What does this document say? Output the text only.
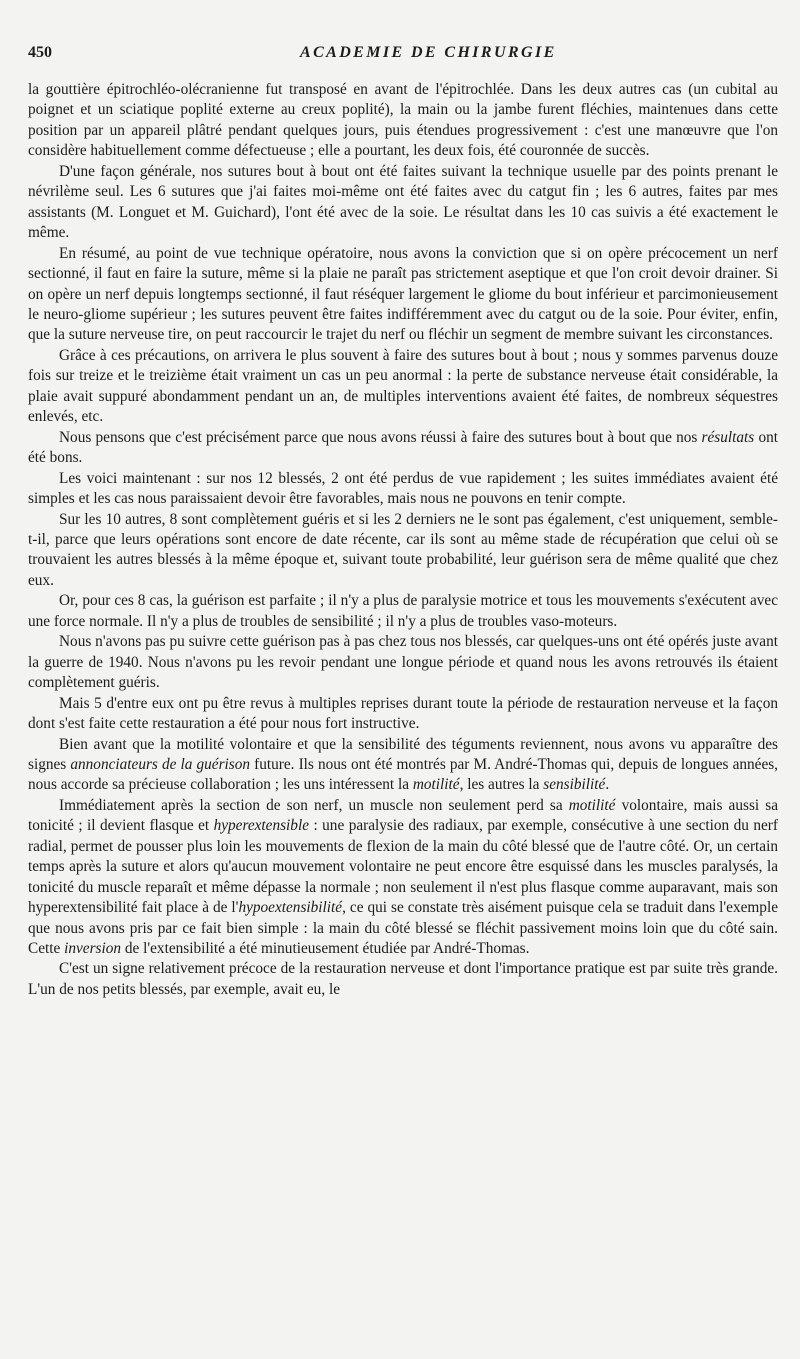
450	ACADEMIE DE CHIRURGIE

la gouttière épitrochléo-olécranienne fut transposé en avant de l'épitrochlée. Dans les deux autres cas (un cubital au poignet et un sciatique poplité externe au creux poplité), la main ou la jambe furent fléchies, maintenues dans cette position par un appareil plâtré pendant quelques jours, puis étendues progressivement : c'est une manœuvre que l'on considère habituellement comme défectueuse ; elle a pourtant, les deux fois, été couronnée de succès.

D'une façon générale, nos sutures bout à bout ont été faites suivant la technique usuelle par des points prenant le névrilème seul. Les 6 sutures que j'ai faites moi-même ont été faites avec du catgut fin ; les 6 autres, faites par mes assistants (M. Longuet et M. Guichard), l'ont été avec de la soie. Le résultat dans les 10 cas suivis a été exactement le même.

En résumé, au point de vue technique opératoire, nous avons la conviction que si on opère précocement un nerf sectionné, il faut en faire la suture, même si la plaie ne paraît pas strictement aseptique et que l'on croit devoir drainer. Si on opère un nerf depuis longtemps sectionné, il faut réséquer largement le gliome du bout inférieur et parcimonieusement le neuro-gliome supérieur ; les sutures peuvent être faites indifféremment avec du catgut ou de la soie. Pour éviter, enfin, que la suture nerveuse tire, on peut raccourcir le trajet du nerf ou fléchir un segment de membre suivant les circonstances.

Grâce à ces précautions, on arrivera le plus souvent à faire des sutures bout à bout ; nous y sommes parvenus douze fois sur treize et le treizième était vraiment un cas un peu anormal : la perte de substance nerveuse était considérable, la plaie avait suppuré abondamment pendant un an, de multiples interventions avaient été faites, de nombreux séquestres enlevés, etc.

Nous pensons que c'est précisément parce que nous avons réussi à faire des sutures bout à bout que nos résultats ont été bons.

Les voici maintenant : sur nos 12 blessés, 2 ont été perdus de vue rapidement ; les suites immédiates avaient été simples et les cas nous paraissaient devoir être favorables, mais nous ne pouvons en tenir compte.

Sur les 10 autres, 8 sont complètement guéris et si les 2 derniers ne le sont pas également, c'est uniquement, semble-t-il, parce que leurs opérations sont encore de date récente, car ils sont au même stade de récupération que celui où se trouvaient les autres blessés à la même époque et, suivant toute probabilité, leur guérison sera de même qualité que chez eux.

Or, pour ces 8 cas, la guérison est parfaite ; il n'y a plus de paralysie motrice et tous les mouvements s'exécutent avec une force normale. Il n'y a plus de troubles de sensibilité ; il n'y a plus de troubles vaso-moteurs.

Nous n'avons pas pu suivre cette guérison pas à pas chez tous nos blessés, car quelques-uns ont été opérés juste avant la guerre de 1940. Nous n'avons pu les revoir pendant une longue période et quand nous les avons retrouvés ils étaient complètement guéris.

Mais 5 d'entre eux ont pu être revus à multiples reprises durant toute la période de restauration nerveuse et la façon dont s'est faite cette restauration a été pour nous fort instructive.

Bien avant que la motilité volontaire et que la sensibilité des téguments reviennent, nous avons vu apparaître des signes annonciateurs de la guérison future. Ils nous ont été montrés par M. André-Thomas qui, depuis de longues années, nous accorde sa précieuse collaboration ; les uns intéressent la motilité, les autres la sensibilité.

Immédiatement après la section de son nerf, un muscle non seulement perd sa motilité volontaire, mais aussi sa tonicité ; il devient flasque et hyperextensible : une paralysie des radiaux, par exemple, consécutive à une section du nerf radial, permet de pousser plus loin les mouvements de flexion de la main du côté blessé que de l'autre côté. Or, un certain temps après la suture et alors qu'aucun mouvement volontaire ne peut encore être esquissé dans les muscles paralysés, la tonicité du muscle reparaît et même dépasse la normale ; non seulement il n'est plus flasque comme auparavant, mais son hyperextensibilité fait place à de l'hypoextensibilité, ce qui se constate très aisément puisque cela se traduit dans l'exemple que nous avons pris par ce fait bien simple : la main du côté blessé se fléchit passivement moins loin que du côté sain. Cette inversion de l'extensibilité a été minutieusement étudiée par André-Thomas.

C'est un signe relativement précoce de la restauration nerveuse et dont l'importance pratique est par suite très grande. L'un de nos petits blessés, par exemple, avait eu, le
